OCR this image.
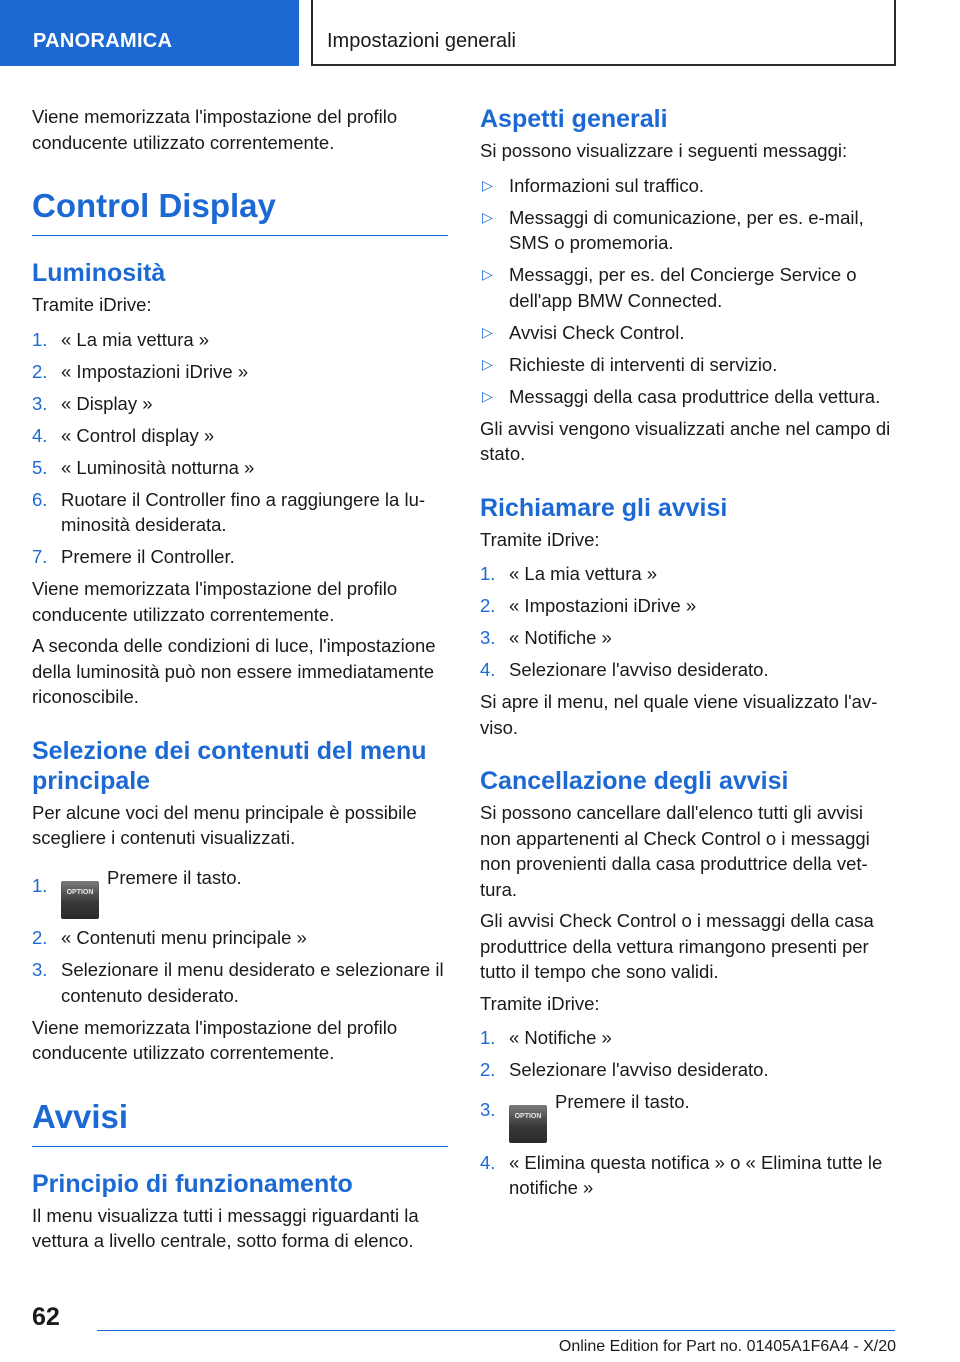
PANORAMICA	Impostazioni generali

Viene memorizzata l'impostazione del profilo conducente utilizzato correntemente.

Control Display
Luminosità

Tramite iDrive:

1. « La mia vettura »
2. « Impostazioni iDrive »
3. « Display »
4. « Control display »
5. « Luminosità notturna »
6. Ruotare il Controller fino a raggiungere la lu-minosità desiderata.
7. Premere il Controller.

Viene memorizzata l'impostazione del profilo conducente utilizzato correntemente.

A seconda delle condizioni di luce, l'impostazione della luminosità può non essere immediatamente riconoscibile.

Selezione dei contenuti del menu principale

Per alcune voci del menu principale è possibile scegliere i contenuti visualizzati.

1.	OPTIONPremere il tasto.
2. « Contenuti menu principale »
3. Selezionare il menu desiderato e selezionare il contenuto desiderato.

Viene memorizzata l'impostazione del profilo conducente utilizzato correntemente.

Avvisi
Principio di funzionamento

Il menu visualizza tutti i messaggi riguardanti la vettura a livello centrale, sotto forma di elenco.

Aspetti generali

Si possono visualizzare i seguenti messaggi:

▷ Informazioni sul traffico.
▷ Messaggi di comunicazione, per es. e-mail, SMS o promemoria.
▷ Messaggi, per es. del Concierge Service o dell'app BMW Connected.
▷ Avvisi Check Control.
▷ Richieste di interventi di servizio.
▷ Messaggi della casa produttrice della vettura.

Gli avvisi vengono visualizzati anche nel campo di stato.

Richiamare gli avvisi

Tramite iDrive:

1. « La mia vettura »
2. « Impostazioni iDrive »
3. « Notifiche »
4. Selezionare l'avviso desiderato.

Si apre il menu, nel quale viene visualizzato l'av-viso.

Cancellazione degli avvisi

Si possono cancellare dall'elenco tutti gli avvisi non appartenenti al Check Control o i messaggi non provenienti dalla casa produttrice della vet-tura.

Gli avvisi Check Control o i messaggi della casa produttrice della vettura rimangono presenti per tutto il tempo che sono validi.

Tramite iDrive:

1. « Notifiche »
2. Selezionare l'avviso desiderato.
3.	OPTIONPremere il tasto.
4. « Elimina questa notifica » o « Elimina tutte le notifiche »
62
Online Edition for Part no. 01405A1F6A4 - X/20
